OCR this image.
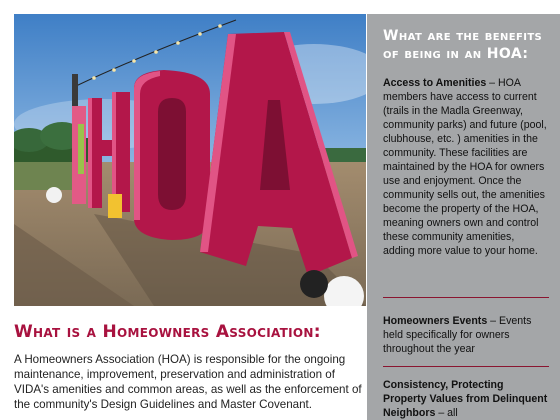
What is a Homeowners Association:

A Homeowners Association (HOA) is responsible for the ongoing maintenance, improvement, preservation and administration of VIDA's amenities and common areas, as well as the enforcement of the community's Design Guidelines and Master Covenant.

What are the benefits of being in an HOA:

Access to Amenities – HOA members have access to current (trails in the Madla Greenway, community parks) and future (pool, clubhouse, etc. ) amenities in the community. These facilities are maintained by the HOA for owners use and enjoyment. Once the community sells out, the amenities become the property of the HOA, meaning owners own and control these community amenities, adding more value to your home.

Homeowners Events – Events held specifically for owners throughout the year

Consistency, Protecting Property Values from Delinquent Neighbors – all
